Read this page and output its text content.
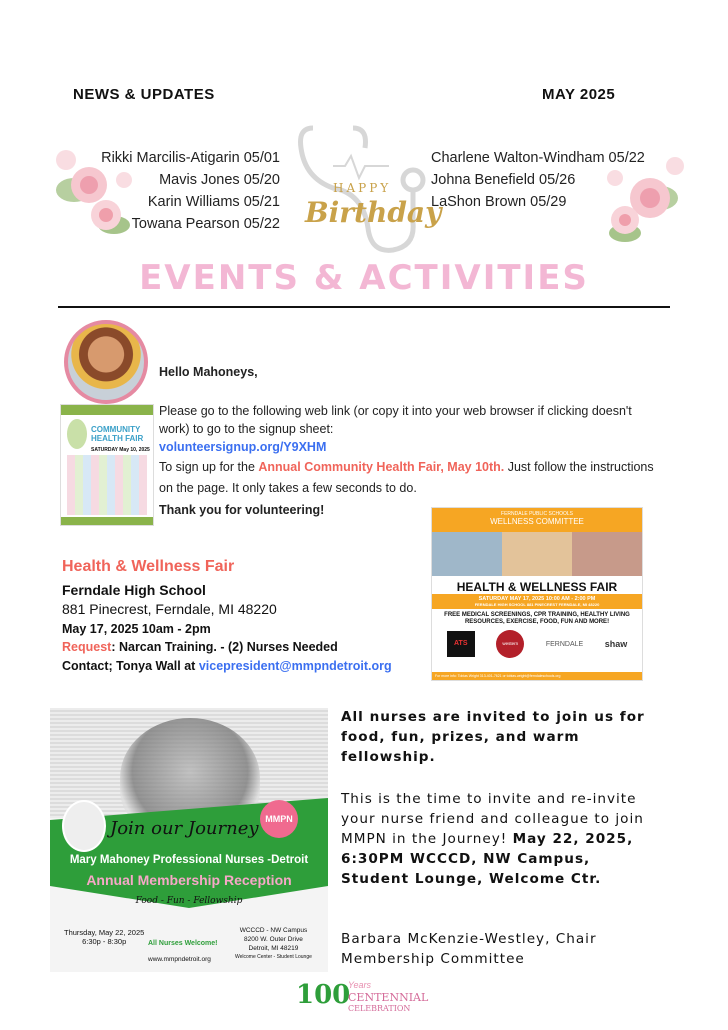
NEWS & UPDATES	MAY 2025
HAPPY
Birthday
Rikki Marcilis-Atigarin 05/01
Mavis Jones 05/20
Karin Williams 05/21
Towana Pearson 05/22
Charlene Walton-Windham 05/22
Johna Benefield 05/26
LaShon Brown 05/29
EVENTS & ACTIVITIES
COMMUNITY HEALTH FAIR
SATURDAY May 10, 2025
Hello Mahoneys,
Please go to the following web link (or copy it into your web browser if clicking doesn't work) to go to the signup sheet:
volunteersignup.org/Y9XHM

To sign up for the Annual Community Health Fair, May 10th. Just follow the instructions on the page. It only takes a few seconds to do.
Thank you for volunteering!
Health & Wellness Fair
Ferndale High School
881 Pinecrest, Ferndale, MI 48220
May 17, 2025 10am - 2pm
Request: Narcan Training. - (2) Nurses Needed
Contact; Tonya Wall at vicepresident@mmpndetroit.org
FERNDALE PUBLIC SCHOOLS
WELLNESS COMMITTEE
HEALTH & WELLNESS FAIR
SATURDAY MAY 17, 2025 10:00 AM - 2:00 PM
FERNDALE HIGH SCHOOL 881 PINECREST FERNDALE, MI 48220
FREE MEDICAL SCREENINGS, CPR TRAINING, HEALTHY LIVING RESOURCES, EXERCISE, FOOD, FUN AND MORE!
ATS	western	FERNDALE shaw
For more info: Tobias Wright 313-401-7621 or tobias.wright@ferndaleschools.org
MMPN
Join our Journey
Mary Mahoney Professional Nurses -Detroit
Annual Membership Reception
Food - Fun - Fellowship
Thursday, May 22, 2025
6:30p - 8:30p	All Nurses Welcome!
www.mmpndetroit.org
WCCCD - NW Campus
8200 W. Outer Drive
Detroit, MI 48219
Welcome Center - Student Lounge
All nurses are invited to join us for food, fun, prizes, and warm fellowship.
This is the time to invite and re-invite your nurse friend and colleague to join MMPN in the Journey! May 22, 2025, 6:30PM WCCCD, NW Campus, Student Lounge, Welcome Ctr.
Barbara McKenzie-Westley, Chair Membership Committee
100
Years
CENTENNIAL
CELEBRATION
